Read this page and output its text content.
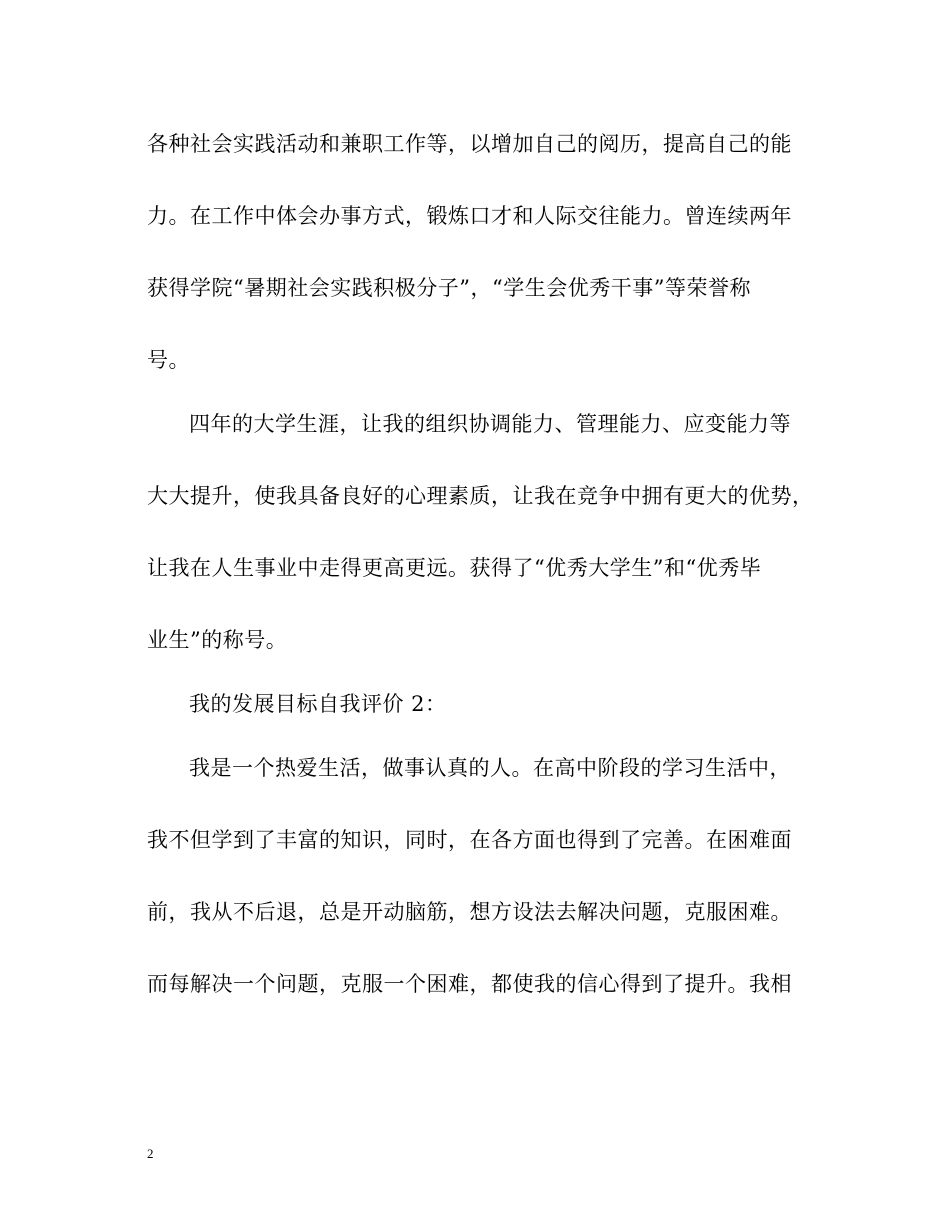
各种社会实践活动和兼职工作等，以增加自己的阅历，提高自己的能
力。在工作中体会办事方式，锻炼口才和人际交往能力。曾连续两年
获得学院“暑期社会实践积极分子”，“学生会优秀干事”等荣誉称
号。
四年的大学生涯，让我的组织协调能力、管理能力、应变能力等
大大提升，使我具备良好的心理素质，让我在竞争中拥有更大的优势，
让我在人生事业中走得更高更远。获得了“优秀大学生”和“优秀毕
业生”的称号。
我的发展目标自我评价 2：
我是一个热爱生活，做事认真的人。在高中阶段的学习生活中，
我不但学到了丰富的知识，同时，在各方面也得到了完善。在困难面
前，我从不后退，总是开动脑筋，想方设法去解决问题，克服困难。
而每解决一个问题，克服一个困难，都使我的信心得到了提升。我相
2
